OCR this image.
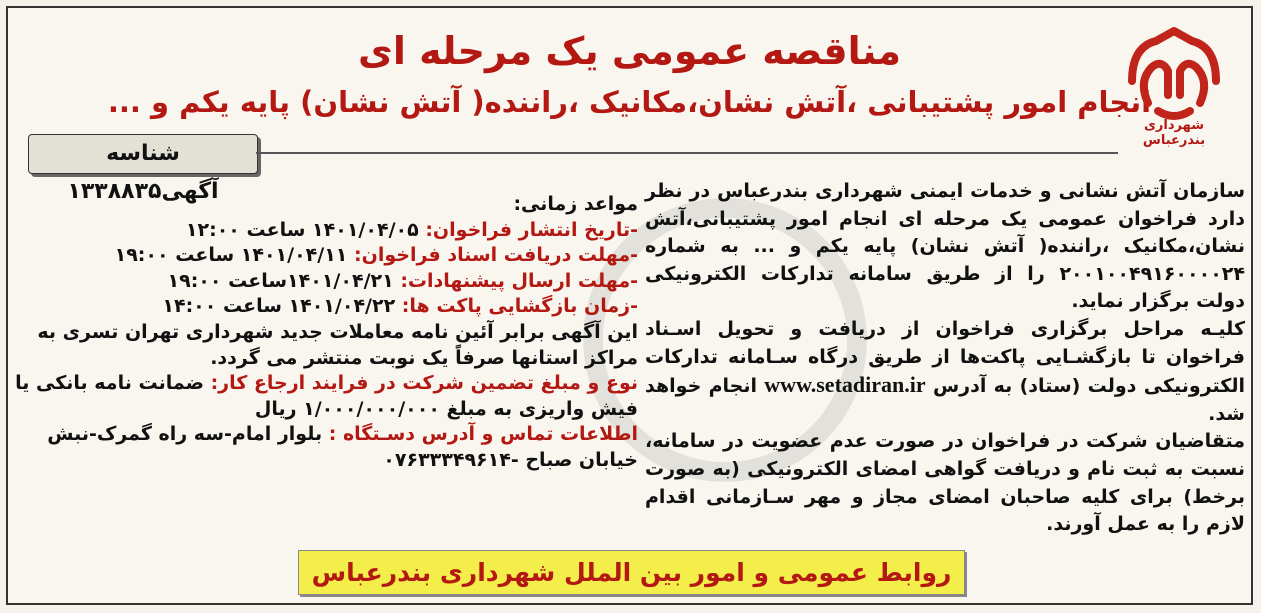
مناقصه عمومی یک مرحله ای
انجام امور پشتیبانی ،آتش نشان،مکانیک ،راننده( آتش نشان) پایه یکم و ...
شهرداری بندرعباس
شناسه آگهی۱۳۳۸۸۳۵	سازمان آتش نشانی و خدمات ایمنی شهرداری بندرعباس در نظر دارد فراخوان عمومی یک مرحله ای انجام امور پشتیبانی،آتش نشان،مکانیک ،راننده( آتش نشان) پایه یکم و ... به شماره ۲۰۰۱۰۰۴۹۱۶۰۰۰۰۲۴ را از طریق سامانه تدارکات الکترونیکی دولت برگزار نماید.

کلیـه مراحل برگزاری فراخوان از دریافت و تحویل اسـناد فراخوان تا بازگشـایی پاکت‌ها از طریق درگاه سـامانه تدارکات الکترونیکی دولت (ستاد) به آدرس www.setadiran.ir انجام خواهد شد.

متقاضیان شرکت در فراخوان در صورت عدم عضویت در سامانه، نسبت به ثبت نام و دریافت گواهی امضای الکترونیکی (به صورت برخط) برای کلیه صاحبان امضای مجاز و مهر سـازمانی اقدام لازم را به عمل آورند.

مواعد زمانی:
-تاریخ انتشار فراخوان: ۱۴۰۱/۰۴/۰۵ ساعت ۱۲:۰۰
-مهلت دریافت اسناد فراخوان: ۱۴۰۱/۰۴/۱۱ ساعت ۱۹:۰۰
-مهلت ارسال پیشنهادات: ۱۴۰۱/۰۴/۲۱ساعت ۱۹:۰۰
-زمان بازگشایی پاکت ها: ۱۴۰۱/۰۴/۲۲ ساعت ۱۴:۰۰
این آگهی برابر آئین نامه معاملات جدید شهرداری تهران تسری به مراکز استانها صرفاً یک نوبت منتشر می گردد.
نوع و مبلغ تضمین شرکت در فرایند ارجاع کار: ضمانت نامه بانکی یا فیش واریزی به مبلغ ۱/۰۰۰/۰۰۰/۰۰۰ ریال
اطلاعات تماس و آدرس دسـتگاه : بلوار امام-سه راه گمرک-نبش خیابان صباح -۰۷۶۳۳۳۴۹۶۱۴
روابط عمومی و امور بین الملل شهرداری بندرعباس
